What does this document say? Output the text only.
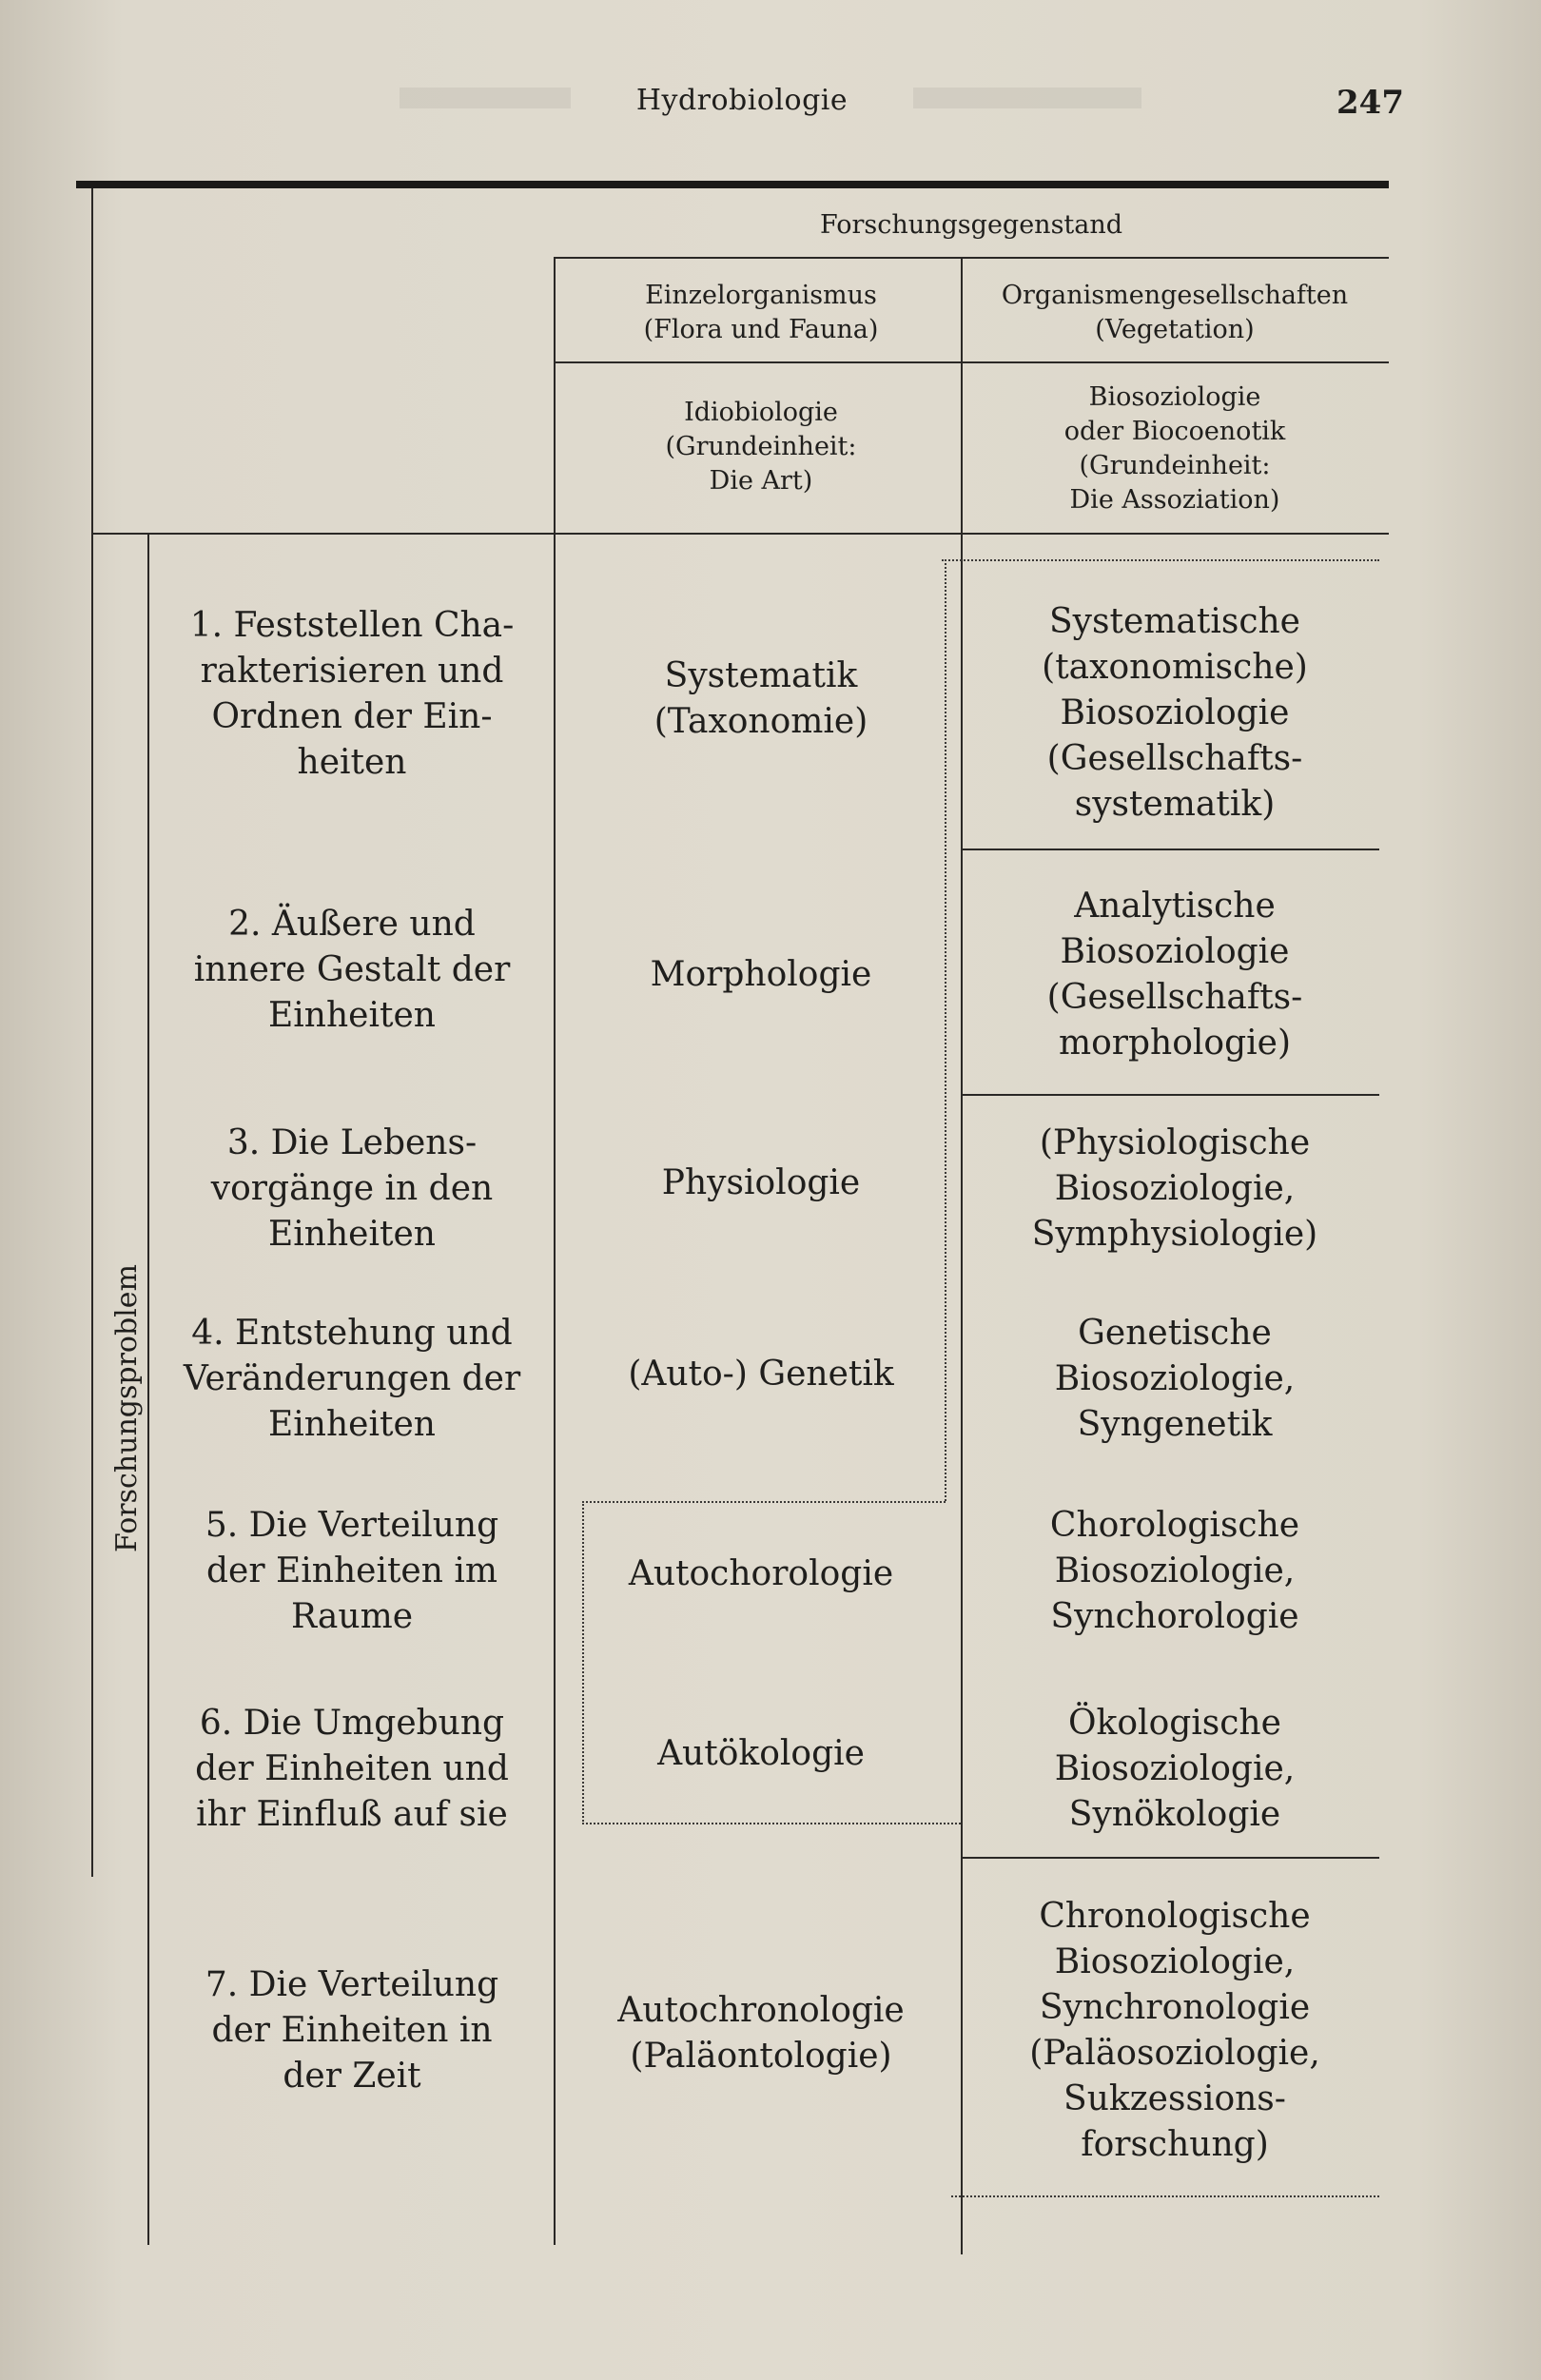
Hydrobiologie	247
Forschungsgegenstand
Einzelorganismus
(Flora und Fauna)
Organismengesellschaften
(Vegetation)
Idiobiologie
(Grundeinheit:
Die Art)
Biosoziologie
oder Biocoenotik
(Grundeinheit:
Die Assoziation)
Forschungsproblem
1. Feststellen Cha-
rakterisieren und
Ordnen der Ein-
heiten
Systematik
(Taxonomie)
Systematische
(taxonomische)
Biosoziologie
(Gesellschafts-
systematik)
2. Äußere und
innere Gestalt der
Einheiten
Morphologie
Analytische
Biosoziologie
(Gesellschafts-
morphologie)
3. Die Lebens-
vorgänge in den
Einheiten
Physiologie
(Physiologische
Biosoziologie,
Symphysiologie)
4. Entstehung und
Veränderungen der
Einheiten
(Auto-) Genetik
Genetische
Biosoziologie,
Syngenetik
5. Die Verteilung
der Einheiten im
Raume
Autochorologie
Chorologische
Biosoziologie,
Synchorologie
6. Die Umgebung
der Einheiten und
ihr Einfluß auf sie
Autökologie
Ökologische
Biosoziologie,
Synökologie
7. Die Verteilung
der Einheiten in
der Zeit
Autochronologie
(Paläontologie)
Chronologische
Biosoziologie,
Synchronologie
(Paläosoziologie,
Sukzessions-
forschung)
